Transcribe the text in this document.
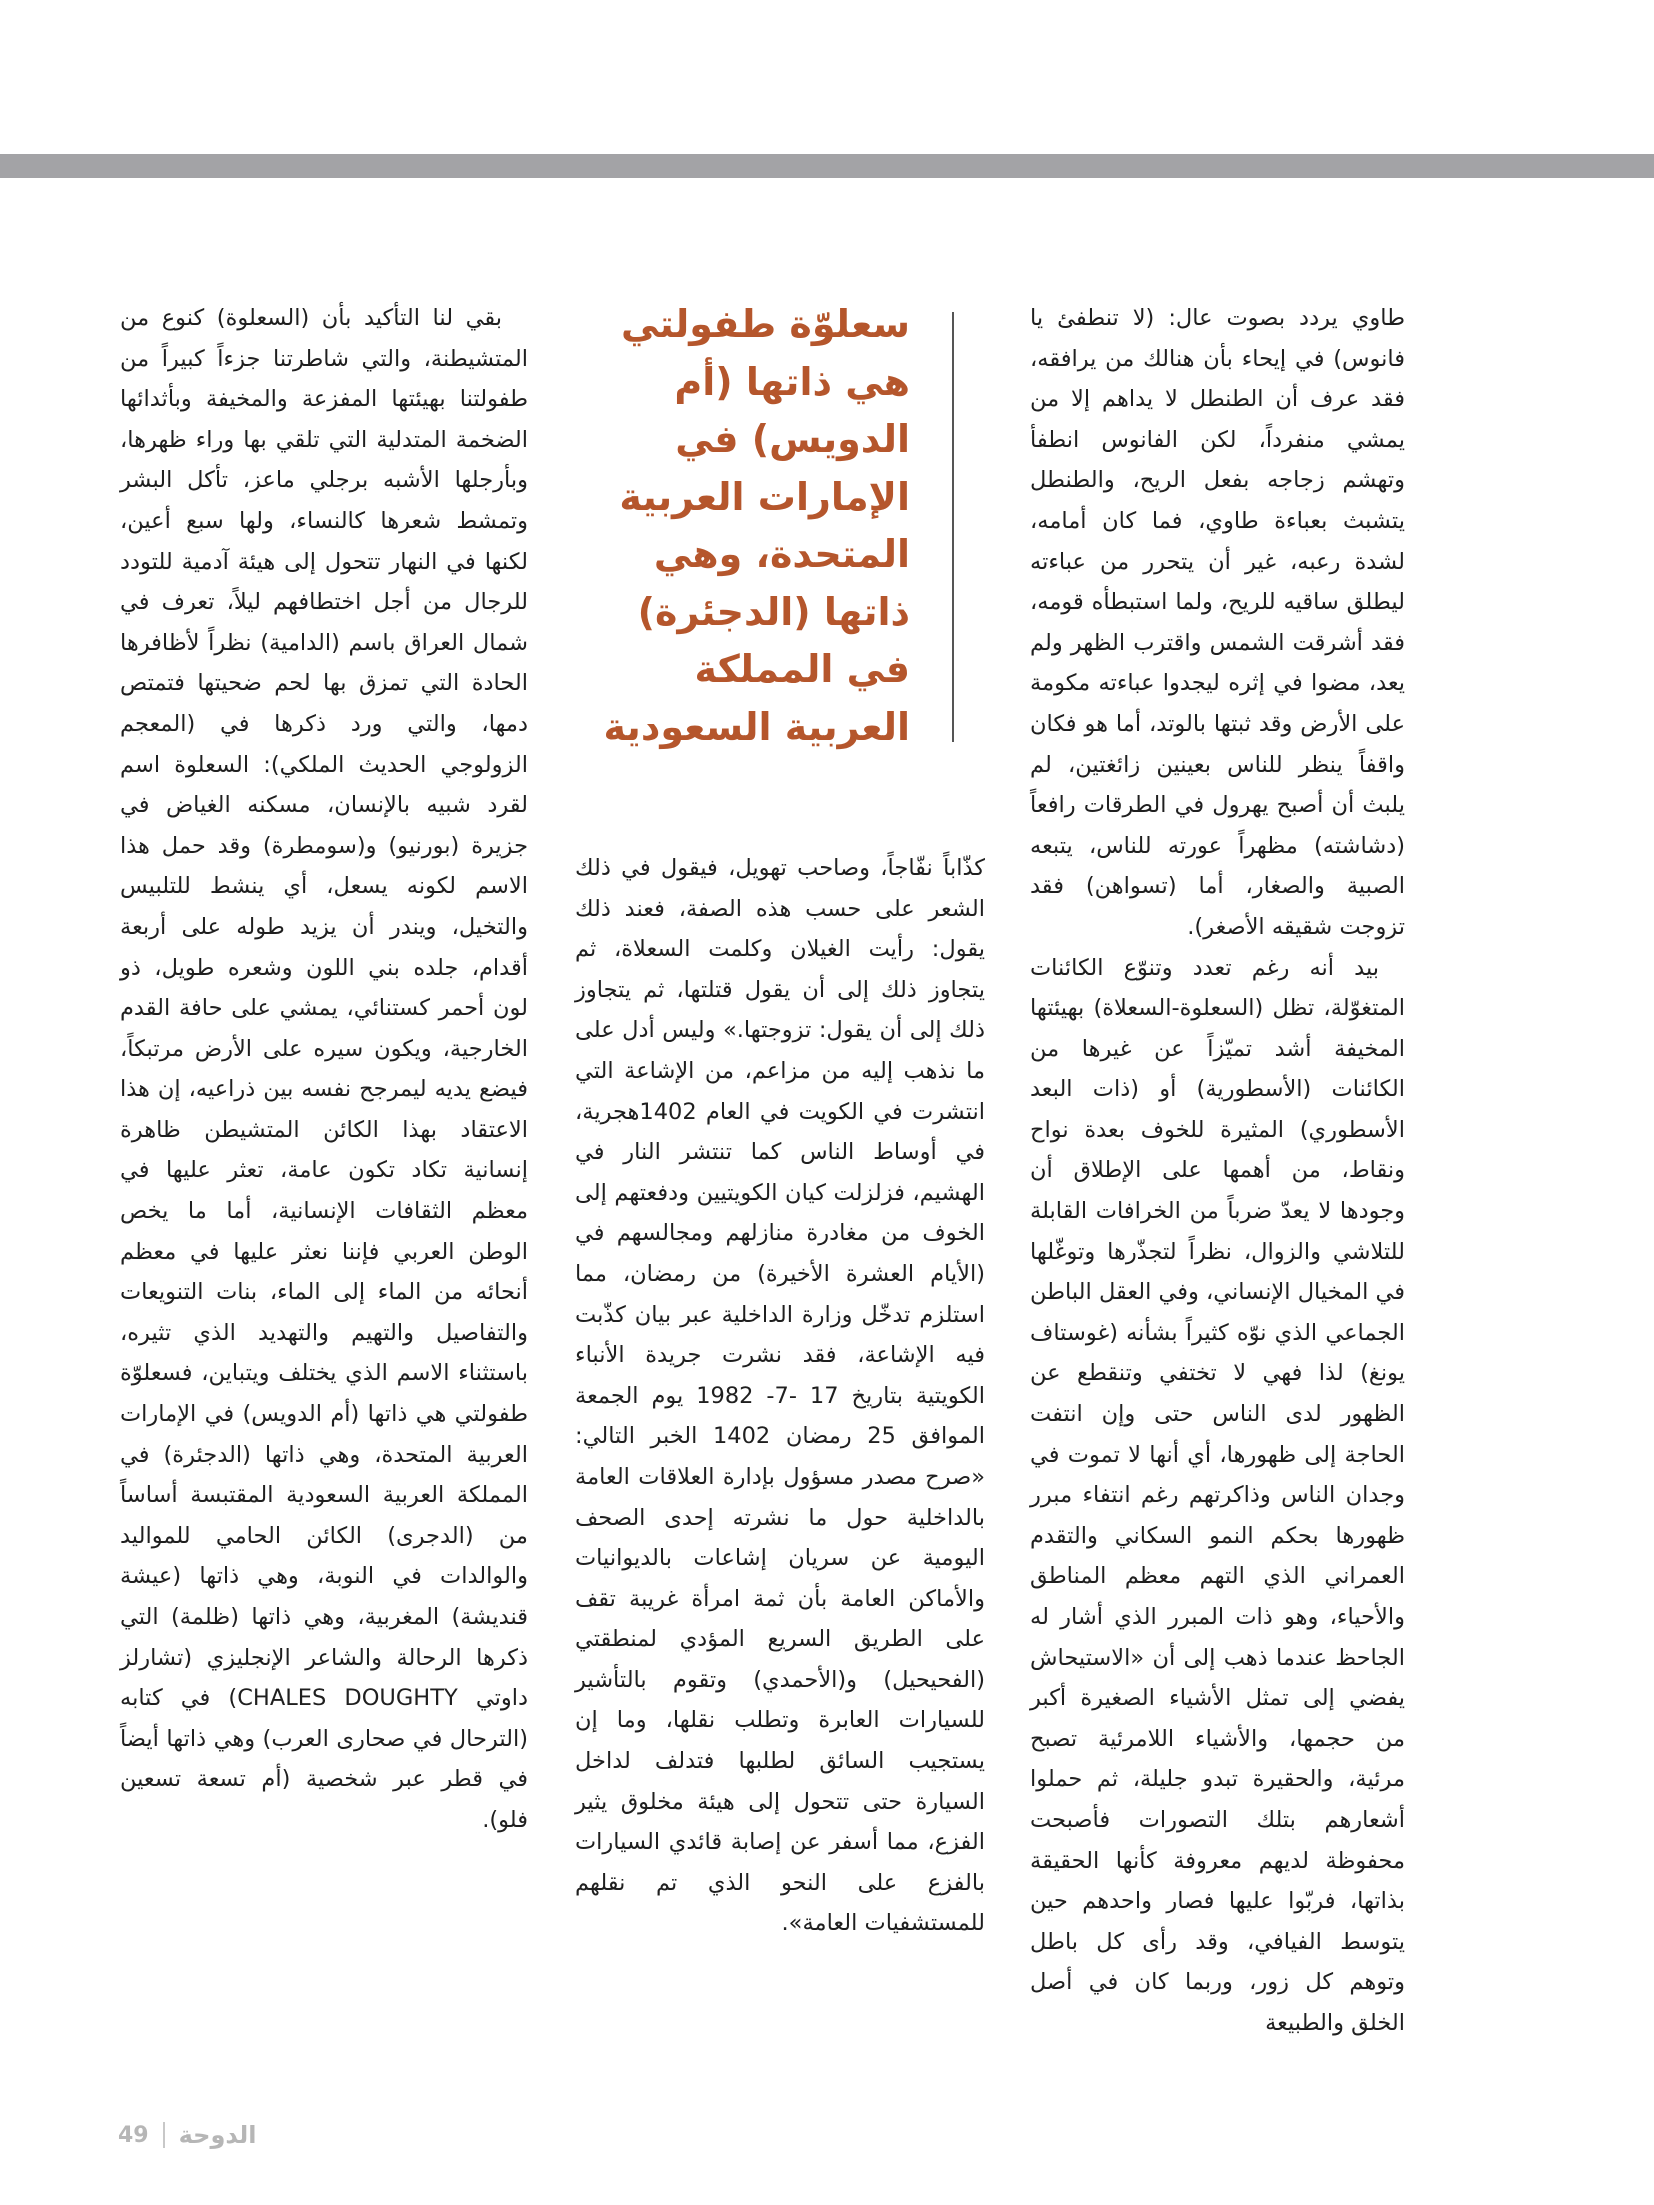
طاوي يردد بصوت عال: (لا تنطفئ يا فانوس) في إيحاء بأن هنالك من يرافقه، فقد عرف أن الطنطل لا يداهم إلا من يمشي منفرداً، لكن الفانوس انطفأ وتهشم زجاجه بفعل الريح، والطنطل يتشبث بعباءة طاوي، فما كان أمامه، لشدة رعبه، غير أن يتحرر من عباءته ليطلق ساقيه للريح، ولما استبطأه قومه، فقد أشرقت الشمس واقترب الظهر ولم يعد، مضوا في إثره ليجدوا عباءته مكومة على الأرض وقد ثبتها بالوتد، أما هو فكان واقفاً ينظر للناس بعينين زائغتين، لم يلبث أن أصبح يهرول في الطرقات رافعاً (دشاشته) مظهراً عورته للناس، يتبعه الصبية والصغار، أما (تسواهن) فقد تزوجت شقيقه الأصغر).

بيد أنه رغم تعدد وتنوّع الكائنات المتغوّلة، تظل (السعلوة-السعلاة) بهيئتها المخيفة أشد تميّزاً عن غيرها من الكائنات (الأسطورية) أو (ذات البعد الأسطوري) المثيرة للخوف بعدة نواح ونقاط، من أهمها على الإطلاق أن وجودها لا يعدّ ضرباً من الخرافات القابلة للتلاشي والزوال، نظراً لتجذّرها وتوغّلها في المخيال الإنساني، وفي العقل الباطن الجماعي الذي نوّه كثيراً بشأنه (غوستاف يونغ) لذا فهي لا تختفي وتنقطع عن الظهور لدى الناس حتى وإن انتفت الحاجة إلى ظهورها، أي أنها لا تموت في وجدان الناس وذاكرتهم رغم انتفاء مبرر ظهورها بحكم النمو السكاني والتقدم العمراني الذي التهم معظم المناطق والأحياء، وهو ذات المبرر الذي أشار له الجاحظ عندما ذهب إلى أن «الاستيحاش يفضي إلى تمثل الأشياء الصغيرة أكبر من حجمها، والأشياء اللامرئية تصبح مرئية، والحقيرة تبدو جليلة، ثم حملوا أشعارهم بتلك التصورات فأصبحت محفوظة لديهم معروفة كأنها الحقيقة بذاتها، فربّوا عليها فصار واحدهم حين يتوسط الفيافي، وقد رأى كل باطل وتوهم كل زور، وربما كان في أصل الخلق والطبيعة

سعلوّة طفولتي هي ذاتها (أم الدويس) في الإمارات العربية المتحدة، وهي ذاتها (الدجئرة) في المملكة العربية السعودية

كذّاباً نفّاجاً، وصاحب تهويل، فيقول في ذلك الشعر على حسب هذه الصفة، فعند ذلك يقول: رأيت الغيلان وكلمت السعلاة، ثم يتجاوز ذلك إلى أن يقول قتلتها، ثم يتجاوز ذلك إلى أن يقول: تزوجتها.» وليس أدل على ما نذهب إليه من مزاعم، من الإشاعة التي انتشرت في الكويت في العام 1402هجرية، في أوساط الناس كما تنتشر النار في الهشيم، فزلزلت كيان الكويتيين ودفعتهم إلى الخوف من مغادرة منازلهم ومجالسهم في (الأيام العشرة الأخيرة) من رمضان، مما استلزم تدخّل وزارة الداخلية عبر بيان كذّبت فيه الإشاعة، فقد نشرت جريدة الأنباء الكويتية بتاريخ 17 -7- 1982 يوم الجمعة الموافق 25 رمضان 1402 الخبر التالي: «صرح مصدر مسؤول بإدارة العلاقات العامة بالداخلية حول ما نشرته إحدى الصحف اليومية عن سريان إشاعات بالديوانيات والأماكن العامة بأن ثمة امرأة غريبة تقف على الطريق السريع المؤدي لمنطقتي (الفحيحيل) و(الأحمدي) وتقوم بالتأشير للسيارات العابرة وتطلب نقلها، وما إن يستجيب السائق لطلبها فتدلف لداخل السيارة حتى تتحول إلى هيئة مخلوق يثير الفزع، مما أسفر عن إصابة قائدي السيارات بالفزع على النحو الذي تم نقلهم للمستشفيات العامة».

بقي لنا التأكيد بأن (السعلوة) كنوع من المتشيطنة، والتي شاطرتنا جزءاً كبيراً من طفولتنا بهيئتها المفزعة والمخيفة وبأثدائها الضخمة المتدلية التي تلقي بها وراء ظهرها، وبأرجلها الأشبه برجلي ماعز، تأكل البشر وتمشط شعرها كالنساء، ولها سبع أعين، لكنها في النهار تتحول إلى هيئة آدمية للتودد للرجال من أجل اختطافهم ليلاً، تعرف في شمال العراق باسم (الدامية) نظراً لأظافرها الحادة التي تمزق بها لحم ضحيتها فتمتص دمها، والتي ورد ذكرها في (المعجم الزولوجي الحديث الملكي): السعلوة اسم لقرد شبيه بالإنسان، مسكنه الغياض في جزيرة (بورنيو) و(سومطرة) وقد حمل هذا الاسم لكونه يسعل، أي ينشط للتلبيس والتخيل، ويندر أن يزيد طوله على أربعة أقدام، جلده بني اللون وشعره طويل، ذو لون أحمر كستنائي، يمشي على حافة القدم الخارجية، ويكون سيره على الأرض مرتبكاً، فيضع يديه ليمرجح نفسه بين ذراعيه، إن هذا الاعتقاد بهذا الكائن المتشيطن ظاهرة إنسانية تكاد تكون عامة، تعثر عليها في معظم الثقافات الإنسانية، أما ما يخص الوطن العربي فإننا نعثر عليها في معظم أنحائه من الماء إلى الماء، بنات التنويعات والتفاصيل والتهيم والتهديد الذي تثيره، باستثناء الاسم الذي يختلف ويتباين، فسعلوّة طفولتي هي ذاتها (أم الدويس) في الإمارات العربية المتحدة، وهي ذاتها (الدجئرة) في المملكة العربية السعودية المقتبسة أساساً من (الدجرى) الكائن الحامي للمواليد والوالدات في النوبة، وهي ذاتها (عيشة قنديشة) المغربية، وهي ذاتها (ظلمة) التي ذكرها الرحالة والشاعر الإنجليزي (تشارلز داوتي CHALES DOUGHTY) في كتابه (الترحال في صحارى العرب) وهي ذاتها أيضاً في قطر عبر شخصية (أم تسعة تسعين فلو).

49 الدوحة
